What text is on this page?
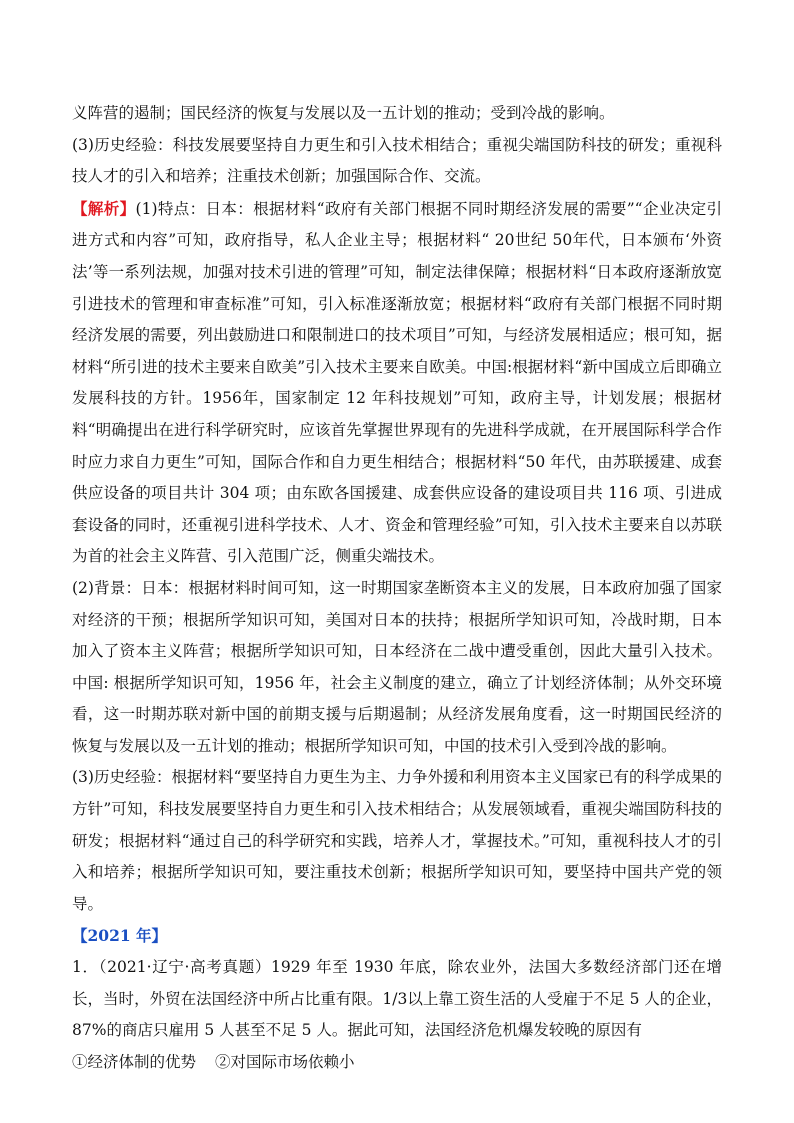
义阵营的遏制；国民经济的恢复与发展以及一五计划的推动；受到冷战的影响。

(3)历史经验：科技发展要坚持自力更生和引入技术相结合；重视尖端国防科技的研发；重视科技人才的引入和培养；注重技术创新；加强国际合作、交流。

【解析】(1)特点：日本：根据材料“政府有关部门根据不同时期经济发展的需要”“企业决定引进方式和内容”可知，政府指导，私人企业主导；根据材料“ 20世纪 50年代，日本颁布‘外资法’等一系列法规，加强对技术引进的管理”可知，制定法律保障；根据材料“日本政府逐渐放宽引进技术的管理和审查标准”可知，引入标准逐渐放宽；根据材料“政府有关部门根据不同时期经济发展的需要，列出鼓励进口和限制进口的技术项目”可知，与经济发展相适应；根可知，据材料“所引进的技术主要来自欧美”引入技术主要来自欧美。中国:根据材料“新中国成立后即确立发展科技的方针。1956年，国家制定 12 年科技规划”可知，政府主导，计划发展；根据材料“明确提出在进行科学研究时，应该首先掌握世界现有的先进科学成就，在开展国际科学合作时应力求自力更生”可知，国际合作和自力更生相结合；根据材料“50 年代，由苏联援建、成套供应设备的项目共计 304 项；由东欧各国援建、成套供应设备的建设项目共 116 项、引进成套设备的同时，还重视引进科学技术、人才、资金和管理经验”可知，引入技术主要来自以苏联为首的社会主义阵营、引入范围广泛，侧重尖端技术。

(2)背景：日本：根据材料时间可知，这一时期国家垄断资本主义的发展，日本政府加强了国家对经济的干预；根据所学知识可知，美国对日本的扶持；根据所学知识可知，冷战时期，日本加入了资本主义阵营；根据所学知识可知，日本经济在二战中遭受重创，因此大量引入技术。中国: 根据所学知识可知，1956 年，社会主义制度的建立，确立了计划经济体制；从外交环境看，这一时期苏联对新中国的前期支援与后期遏制；从经济发展角度看，这一时期国民经济的恢复与发展以及一五计划的推动；根据所学知识可知，中国的技术引入受到冷战的影响。

(3)历史经验：根据材料“要坚持自力更生为主、力争外援和利用资本主义国家已有的科学成果的方针”可知，科技发展要坚持自力更生和引入技术相结合；从发展领域看，重视尖端国防科技的研发；根据材料“通过自己的科学研究和实践，培养人才，掌握技术。”可知，重视科技人才的引入和培养；根据所学知识可知，要注重技术创新；根据所学知识可知，要坚持中国共产党的领导。

【2021 年】

1．（2021·辽宁·高考真题）1929 年至 1930 年底，除农业外，法国大多数经济部门还在增长，当时，外贸在法国经济中所占比重有限。1/3以上靠工资生活的人受雇于不足 5 人的企业，87%的商店只雇用 5 人甚至不足 5 人。据此可知，法国经济危机爆发较晚的原因有

①经济体制的优势 ②对国际市场依赖小
